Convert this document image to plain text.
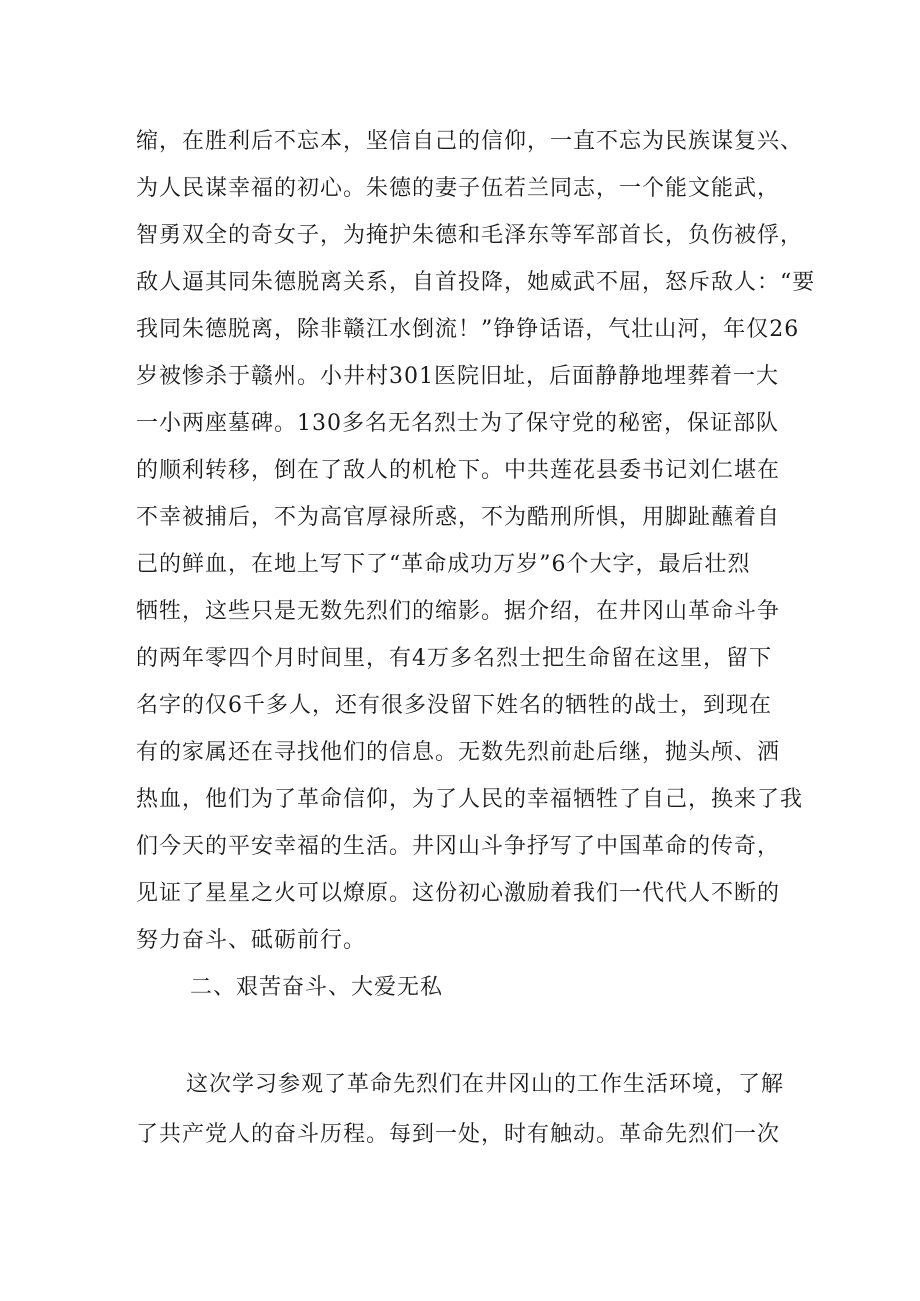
缩，在胜利后不忘本，坚信自己的信仰，一直不忘为民族谋复兴、
为人民谋幸福的初心。朱德的妻子伍若兰同志，一个能文能武，
智勇双全的奇女子，为掩护朱德和毛泽东等军部首长，负伤被俘，
敌人逼其同朱德脱离关系，自首投降，她威武不屈，怒斥敌人：“要
我同朱德脱离，除非赣江水倒流！”铮铮话语，气壮山河，年仅26
岁被惨杀于赣州。小井村301医院旧址，后面静静地埋葬着一大
一小两座墓碑。130多名无名烈士为了保守党的秘密，保证部队
的顺利转移，倒在了敌人的机枪下。中共莲花县委书记刘仁堪在
不幸被捕后，不为高官厚禄所惑，不为酷刑所惧，用脚趾蘸着自
己的鲜血，在地上写下了“革命成功万岁”6个大字，最后壮烈
牺牲，这些只是无数先烈们的缩影。据介绍，在井冈山革命斗争
的两年零四个月时间里，有4万多名烈士把生命留在这里，留下
名字的仅6千多人，还有很多没留下姓名的牺牲的战士，到现在
有的家属还在寻找他们的信息。无数先烈前赴后继，抛头颅、洒
热血，他们为了革命信仰，为了人民的幸福牺牲了自己，换来了我
们今天的平安幸福的生活。井冈山斗争抒写了中国革命的传奇，
见证了星星之火可以燎原。这份初心激励着我们一代代人不断的
努力奋斗、砥砺前行。
二、艰苦奋斗、大爱无私
这次学习参观了革命先烈们在井冈山的工作生活环境，了解
了共产党人的奋斗历程。每到一处，时有触动。革命先烈们一次
